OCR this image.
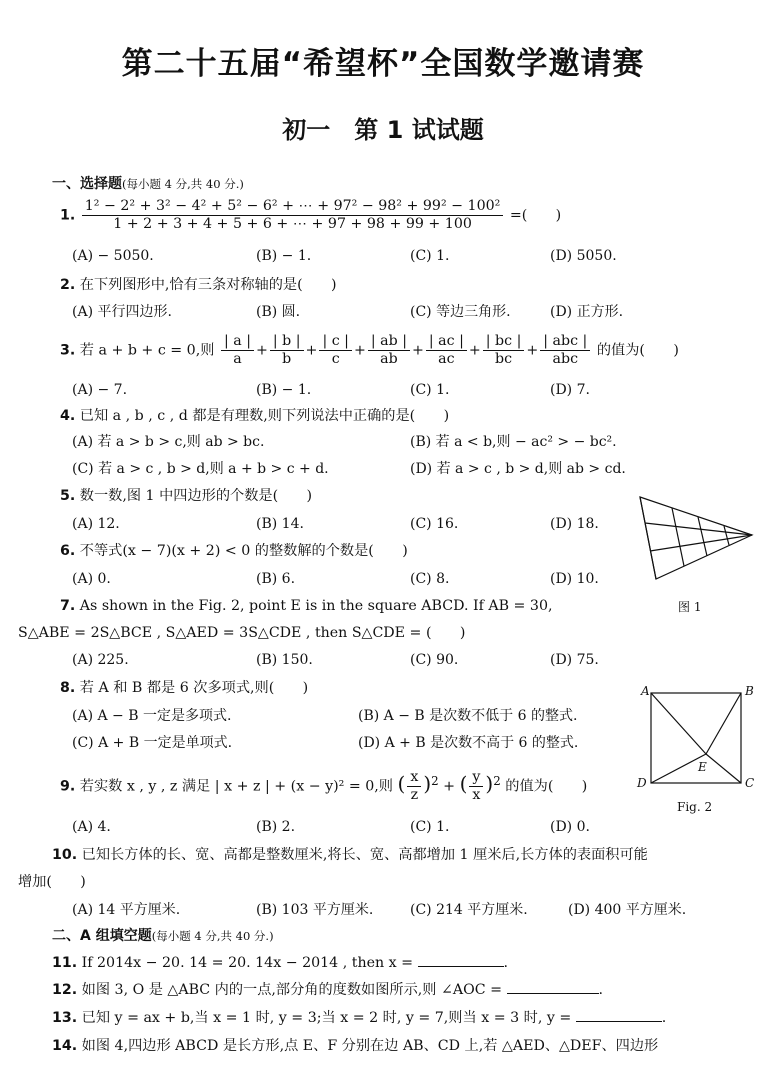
第二十五届“希望杯”全国数学邀请赛
初一　第 1 试试题
一、选择题(每小题 4 分,共 40 分.)
1. $\frac{\text{1² − 2² + 3² − 4² + 5² − 6² + ⋯ + 97² − 98² + 99² − 100²}}{1 + 2 + 3 + 4 + 5 + 6 + \cdots + 97 + 98 + 99 + 100}$ =(　　)
(A) − 5050.	(B) − 1.	(C) 1.	(D) 5050.
2. 在下列图形中,恰有三条对称轴的是(　　)
(A) 平行四边形.	(B) 圆.	(C) 等边三角形.	(D) 正方形.
3. 若 a + b + c = 0,则 $\frac{| a |}{a} + \frac{| b |}{b} + \frac{| c |}{c} + \frac{| ab |}{ab} + \frac{| ac |}{ac} + \frac{| bc |}{bc} + \frac{\text{| abc |}}{\text{abc}}$ 的值为(　　)
(A) − 7.	(B) − 1.	(C) 1.	(D) 7.
4. 已知 a , b , c , d 都是有理数,则下列说法中正确的是(　　)
(A) 若 a > b > c,则 ab > bc.	(B) 若 a < b,则 − ac² > − bc².
(C) 若 a > c , b > d,则 a + b > c + d.	(D) 若 a > c , b > d,则 ab > cd.
5. 数一数,图 1 中四边形的个数是(　　)
(A) 12.	(B) 14.	(C) 16.	(D) 18.
图 1
6. 不等式(x − 7)(x + 2) < 0 的整数解的个数是(　　)
(A) 0.	(B) 6.	(C) 8.	(D) 10.
7. As shown in the Fig. 2, point E is in the square ABCD. If AB = 30,
S△ABE = 2S△BCE , S△AED = 3S△CDE , then S△CDE = (　　)
(A) 225.	(B) 150.	(C) 90.	(D) 75.
8. 若 A 和 B 都是 6 次多项式,则(　　)
(A) A − B 一定是多项式.	(B) A − B 是次数不低于 6 的整式.
(C) A + B 一定是单项式.	(D) A + B 是次数不高于 6 的整式.
A	B
C
D
E
Fig. 2
9. 若实数 x , y , z 满足 | x + z | + (x − y)² = 0,则 ( $\frac{x}{z} )^2$ + ( $\frac{y}{x} )^2$ 的值为(　　)
(A) 4.	(B) 2.	(C) 1.	(D) 0.
10. 已知长方体的长、宽、高都是整数厘米,将长、宽、高都增加 1 厘米后,长方体的表面积可能
增加(　　)
(A) 14 平方厘米.	(B) 103 平方厘米.	(C) 214 平方厘米.	(D) 400 平方厘米.
二、A 组填空题(每小题 4 分,共 40 分.)
11. If 2014x − 20. 14 = 20. 14x − 2014 , then x =	.
12. 如图 3, O 是 △ABC 内的一点,部分角的度数如图所示,则 ∠AOC =	.
13. 已知 y = ax + b,当 x = 1 时, y = 3;当 x = 2 时, y = 7,则当 x = 3 时, y =	.
14. 如图 4,四边形 ABCD 是长方形,点 E、F 分别在边 AB、CD 上,若 △AED、△DEF、四边形
